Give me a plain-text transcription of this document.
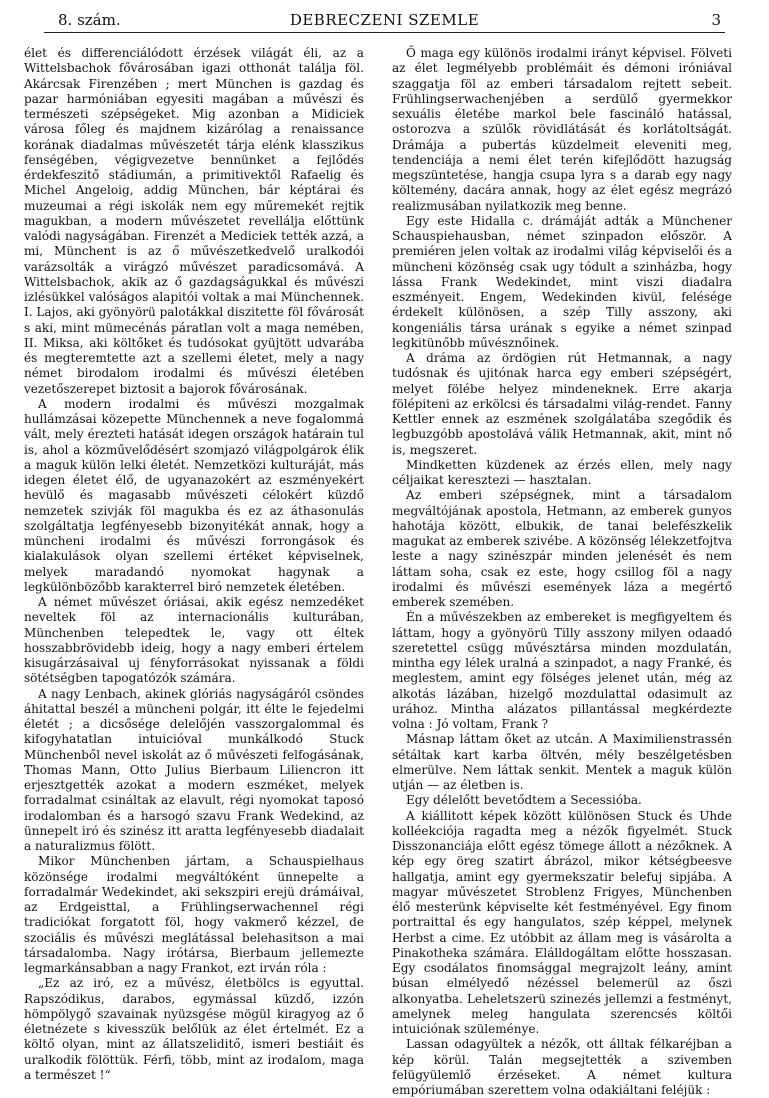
8. szám.	DEBRECZENI SZEMLE	3

élet és differenciálódott érzések világát éli, az a Wittelsbachok fővárosában igazi otthonát találja föl. Akárcsak Firenzében ; mert München is gazdag és pazar harmóniában egyesiti magában a művészi és természeti szépségeket. Mig azonban a Midiciek városa főleg és majdnem kizárólag a renaissance korának diadalmas művészetét tárja elénk klasszikus fenségében, végigvezetve bennünket a fejlődés érdekfeszitő stádiumán, a primitivektől Rafaelig és Michel Angeloig, addig München, bár képtárai és muzeumai a régi iskolák nem egy műremekét rejtik magukban, a modern művészetet revellálja előttünk valódi nagyságában. Firenzét a Mediciek tették azzá, a mi, Münchent is az ő művészetkedvelő uralkodói varázsolták a virágzó művészet paradicsomává. A Wittelsbachok, akik az ő gazdagságukkal és művészi izlésükkel valóságos alapitói voltak a mai Münchennek. I. Lajos, aki gyönyörü palotákkal diszitette föl fővárosát s aki, mint mümecénás páratlan volt a maga nemében, II. Miksa, aki költőket és tudósokat gyüjtött udvarába és megteremtette azt a szellemi életet, mely a nagy német birodalom irodalmi és művészi életében vezetőszerepet biztosit a bajorok fővárosának.

A modern irodalmi és művészi mozgalmak hullámzásai közepette Münchennek a neve fogalommá vált, mely érezteti hatását idegen országok határain tul is, ahol a közművelődésért szomjazó világpolgárok élik a maguk külön lelki életét. Nemzetközi kulturáját, más idegen életet élő, de ugyanazokért az eszményekért hevülő és magasabb művészeti célokért küzdő nemzetek szivják föl magukba és ez az áthasonulás szolgáltatja legfényesebb bizonyitékát annak, hogy a müncheni irodalmi és művészi forrongások és kialakulások olyan szellemi értéket képviselnek, melyek maradandó nyomokat hagynak a legkülönbözőbb karakterrel biró nemzetek életében.

A német művészet óriásai, akik egész nemzedéket neveltek föl az internacionális kulturában, Münchenben telepedtek le, vagy ott éltek hosszabbrövidebb ideig, hogy a nagy emberi értelem kisugárzásaival uj fényforrásokat nyissanak a földi sötétségben tapogatózók számára.

A nagy Lenbach, akinek glóriás nagyságáról csöndes áhitattal beszél a müncheni polgár, itt élte le fejedelmi életét ; a dicsősége delelőjén vasszorgalommal és kifogyhatatlan intuicióval munkálkodó Stuck Münchenből nevel iskolát az ő művészeti felfogásának, Thomas Mann, Otto Julius Bierbaum Liliencron itt erjesztgették azokat a modern eszméket, melyek forradalmat csináltak az elavult, régi nyomokat taposó irodalomban és a harsogó szavu Frank Wedekind, az ünnepelt iró és szinész itt aratta legfényesebb diadalait a naturalizmus fölött.

Mikor Münchenben jártam, a Schauspielhaus közönsége irodalmi megváltóként ünnepelte a forradalmár Wedekindet, aki sekszpiri erejü drámáival, az Erdgeisttal, a Frühlingserwachennel régi tradiciókat forgatott föl, hogy vakmerő kézzel, de szociális és művészi meglátással belehasitson a mai társadalomba. Nagy irótársa, Bierbaum jellemezte legmarkánsabban a nagy Frankot, ezt irván róla :

„Ez az iró, ez a művész, életbölcs is egyuttal. Rapszódikus, darabos, egymással küzdő, izzón hömpölygő szavainak nyüzsgése mögül kiragyog az ő életnézete s kivesszük belőlük az élet értelmét. Ez a költő olyan, mint az állatszeliditő, ismeri bestiáit és uralkodik fölöttük. Férfi, több, mint az irodalom, maga a természet !“

Ő maga egy különös irodalmi irányt képvisel. Fölveti az élet legmélyebb problémáit és démoni iróniával szaggatja föl az emberi társadalom rejtett sebeit. Frühlingserwachenjében a serdülő gyermekkor sexuális életébe markol bele fascináló hatással, ostorozva a szülők rövidlátását és korlátoltságát. Drámája a pubertás küzdelmeit eleveniti meg, tendenciája a nemi élet terén kifejlődött hazugság megszüntetése, hangja csupa lyra s a darab egy nagy költemény, dacára annak, hogy az élet egész megrázó realizmusában nyilatkozik meg benne.

Egy este Hidalla c. drámáját adták a Münchener Schauspiehausban, német szinpadon először. A premiéren jelen voltak az irodalmi világ képviselői és a müncheni közönség csak ugy tódult a szinházba, hogy lássa Frank Wedekindet, mint viszi diadalra eszményeit. Engem, Wedekinden kivül, felésége érdekelt különösen, a szép Tilly asszony, aki kongeniális társa urának s egyike a német szinpad legkitünőbb művésznőinek.

A dráma az ördögien rút Hetmannak, a nagy tudósnak és ujitónak harca egy emberi szépségért, melyet fölébe helyez mindeneknek. Erre akarja fölépiteni az erkölcsi és társadalmi világ-rendet. Fanny Kettler ennek az eszmének szolgálatába szegődik és legbuzgóbb apostolává válik Hetmannak, akit, mint nő is, megszeret.

Mindketten küzdenek az érzés ellen, mely nagy céljaikat keresztezi — hasztalan.

Az emberi szépségnek, mint a társadalom megváltójának apostola, Hetmann, az emberek gunyos hahotája között, elbukik, de tanai belefészkelik magukat az emberek szivébe. A közönség lélekzetfojtva leste a nagy szinészpár minden jelenését és nem láttam soha, csak ez este, hogy csillog föl a nagy irodalmi és művészi események láza a megértő emberek szemében.

Én a művészekben az embereket is megfigyeltem és láttam, hogy a gyönyörü Tilly asszony milyen odaadó szeretettel csügg művésztársa minden mozdulatán, mintha egy lélek uralná a szinpadot, a nagy Franké, és meglestem, amint egy fölséges jelenet után, még az alkotás lázában, hizelgő mozdulattal odasimult az urához. Mintha alázatos pillantással megkérdezte volna : Jó voltam, Frank ?

Másnap láttam őket az utcán. A Maximilienstrassén sétáltak kart karba öltvén, mély beszélgetésben elmerülve. Nem láttak senkit. Mentek a maguk külön utján — az életben is.

Egy délelőtt bevetődtem a Secessióba.

A kiállitott képek között különösen Stuck és Uhde kolléekciója ragadta meg a nézők figyelmét. Stuck Disszonanciája előtt egész tömege állott a nézőknek. A kép egy öreg szatirt ábrázol, mikor kétségbeesve hallgatja, amint egy gyermekszatir belefuj sipjába. A magyar művészetet Stroblenz Frigyes, Münchenben élő mesterünk képviselte két festményével. Egy finom portraittal és egy hangulatos, szép képpel, melynek Herbst a cime. Ez utóbbit az állam meg is vásárolta a Pinakotheka számára. Elálldogáltam előtte hosszasan. Egy csodálatos finomsággal megrajzolt leány, amint búsan elmélyedő nézéssel belemerül az őszi alkonyatba. Leheletszerü szinezés jellemzi a festményt, amelynek meleg hangulata szerencsés költői intuiciónak szüleménye.

Lassan odagyültek a nézők, ott álltak félkaréjban a kép körül. Talán megsejtették a szivemben felügyülemlő érzéseket. A német kultura empóriumában szerettem volna odakiáltani feléjük :
